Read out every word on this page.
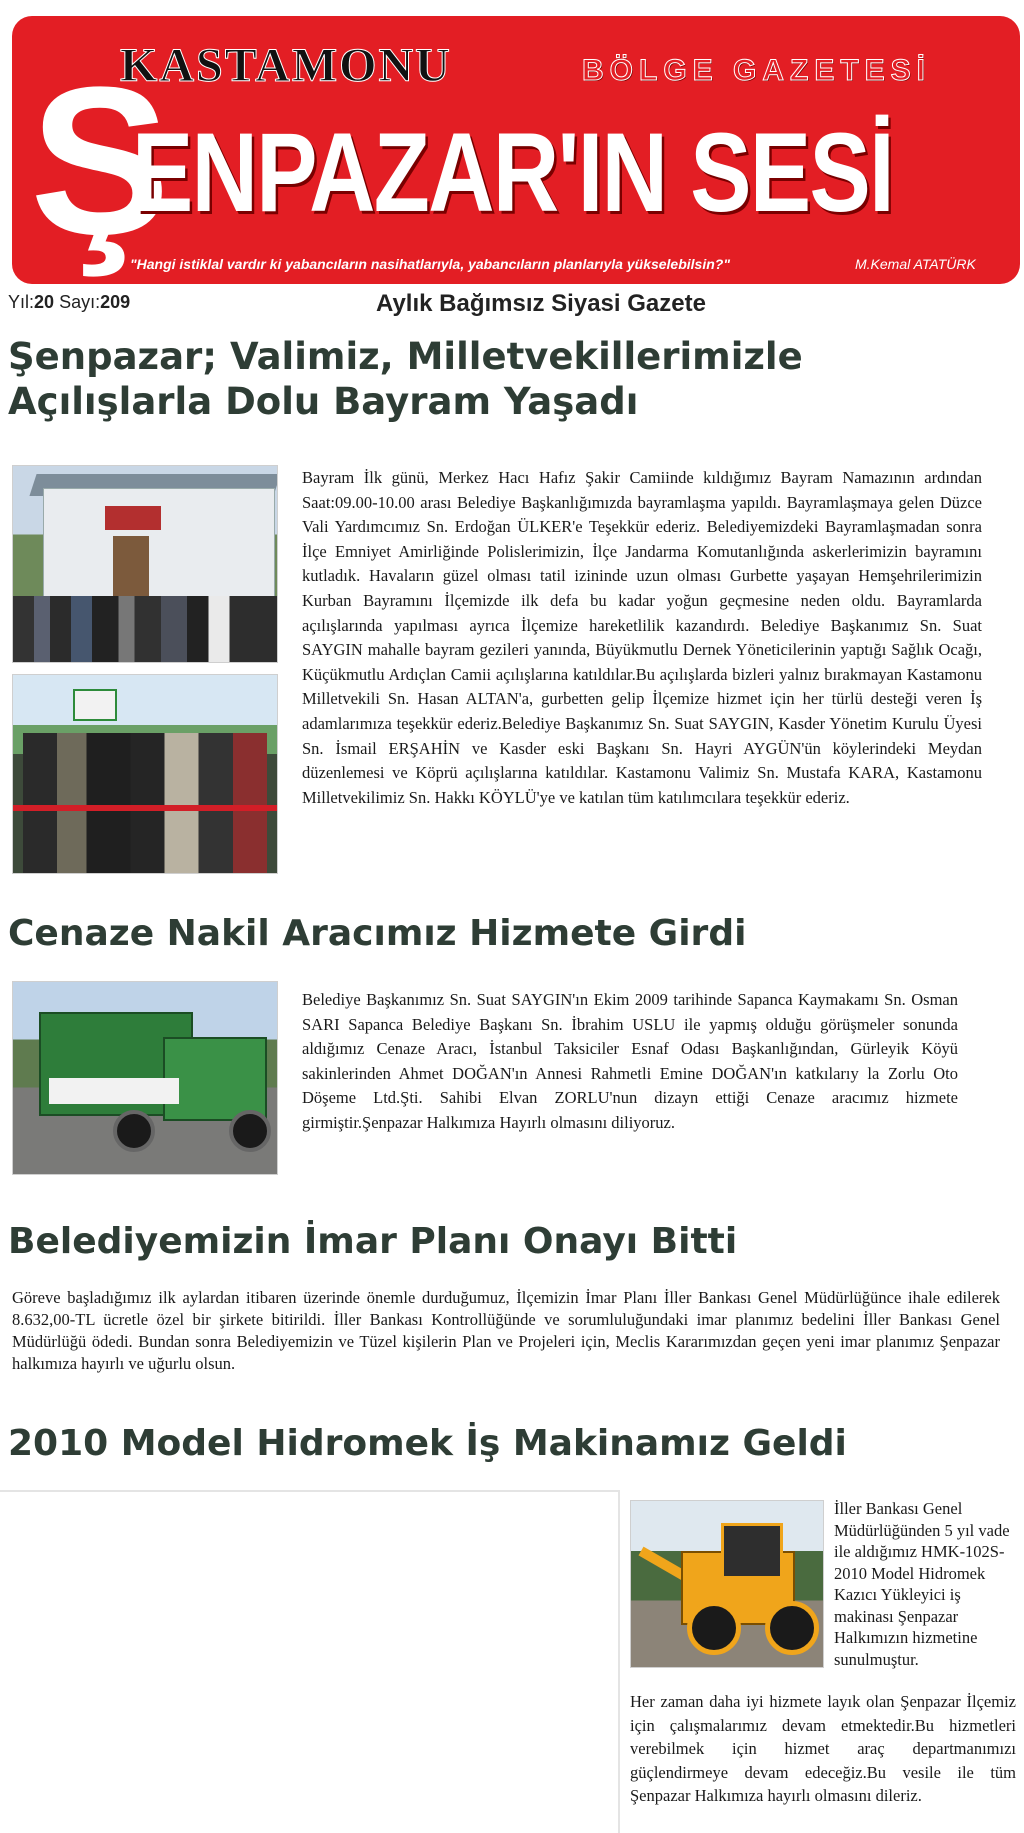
Ş
KASTAMONU	BÖLGE GAZETESİ
ENPAZAR'IN SESİ
"Hangi istiklal vardır ki yabancıların nasihatlarıyla, yabancıların planlarıyla yükselebilsin?"	M.Kemal ATATÜRK
Yıl:20 Sayı:209	Aylık Bağımsız Siyasi Gazete
Şenpazar; Valimiz, Milletvekillerimizle Açılışlarla Dolu Bayram Yaşadı

Bayram İlk günü, Merkez Hacı Hafız Şakir Camiinde kıldığımız Bayram Namazının ardından Saat:09.00-10.00 arası Belediye Başkanlığımızda bayramlaşma yapıldı. Bayramlaşmaya gelen Düzce Vali Yardımcımız Sn. Erdoğan ÜLKER'e Teşekkür ederiz. Belediyemizdeki Bayramlaşmadan sonra İlçe Emniyet Amirliğinde Polislerimizin, İlçe Jandarma Komutanlığında askerlerimizin bayramını kutladık. Havaların güzel olması tatil izininde uzun olması Gurbette yaşayan Hemşehrilerimizin Kurban Bayramını İlçemizde ilk defa bu kadar yoğun geçmesine neden oldu. Bayramlarda açılışlarında yapılması ayrıca İlçemize hareketlilik kazandırdı. Belediye Başkanımız Sn. Suat SAYGIN mahalle bayram gezileri yanında, Büyükmutlu Dernek Yöneticilerinin yaptığı Sağlık Ocağı, Küçükmutlu Ardıçlan Camii açılışlarına katıldılar.Bu açılışlarda bizleri yalnız bırakmayan Kastamonu Milletvekili Sn. Hasan ALTAN'a, gurbetten gelip İlçemize hizmet için her türlü desteği veren İş adamlarımıza teşekkür ederiz.Belediye Başkanımız Sn. Suat SAYGIN, Kasder Yönetim Kurulu Üyesi Sn. İsmail ERŞAHİN ve Kasder eski Başkanı Sn. Hayri AYGÜN'ün köylerindeki Meydan düzenlemesi ve Köprü açılışlarına katıldılar. Kastamonu Valimiz Sn. Mustafa KARA, Kastamonu Milletvekilimiz Sn. Hakkı KÖYLÜ'ye ve katılan tüm katılımcılara teşekkür ederiz.

Cenaze Nakil Aracımız Hizmete Girdi

Belediye Başkanımız Sn. Suat SAYGIN'ın Ekim 2009 tarihinde Sapanca Kaymakamı Sn. Osman SARI Sapanca Belediye Başkanı Sn. İbrahim USLU ile yapmış olduğu görüşmeler sonunda aldığımız Cenaze Aracı, İstanbul Taksiciler Esnaf Odası Başkanlığından, Gürleyik Köyü sakinlerinden Ahmet DOĞAN'ın Annesi Rahmetli Emine DOĞAN'ın katkılarıy la Zorlu Oto Döşeme Ltd.Şti. Sahibi Elvan ZORLU'nun dizayn ettiği Cenaze aracımız hizmete girmiştir.Şenpazar Halkımıza Hayırlı olmasını diliyoruz.

Belediyemizin İmar Planı Onayı Bitti

Göreve başladığımız ilk aylardan itibaren üzerinde önemle durduğumuz, İlçemizin İmar Planı İller Bankası Genel Müdürlüğünce ihale edilerek 8.632,00-TL ücretle özel bir şirkete bitirildi. İller Bankası Kontrollüğünde ve sorumluluğundaki imar planımız bedelini İller Bankası Genel Müdürlüğü ödedi. Bundan sonra Belediyemizin ve Tüzel kişilerin Plan ve Projeleri için, Meclis Kararımızdan geçen yeni imar planımız Şenpazar halkımıza hayırlı ve uğurlu olsun.

2010 Model Hidromek İş Makinamız Geldi

İller Bankası Genel Müdürlüğünden 5 yıl vade ile aldığımız HMK-102S-2010 Model Hidromek Kazıcı Yükleyici iş makinası Şenpazar Halkımızın hizmetine sunulmuştur.

Her zaman daha iyi hizmete layık olan Şenpazar İlçemiz için çalışmalarımız devam etmektedir.Bu hizmetleri verebilmek için hizmet araç departmanımızı güçlendirmeye devam edeceğiz.Bu vesile ile tüm Şenpazar Halkımıza hayırlı olmasını dileriz.
